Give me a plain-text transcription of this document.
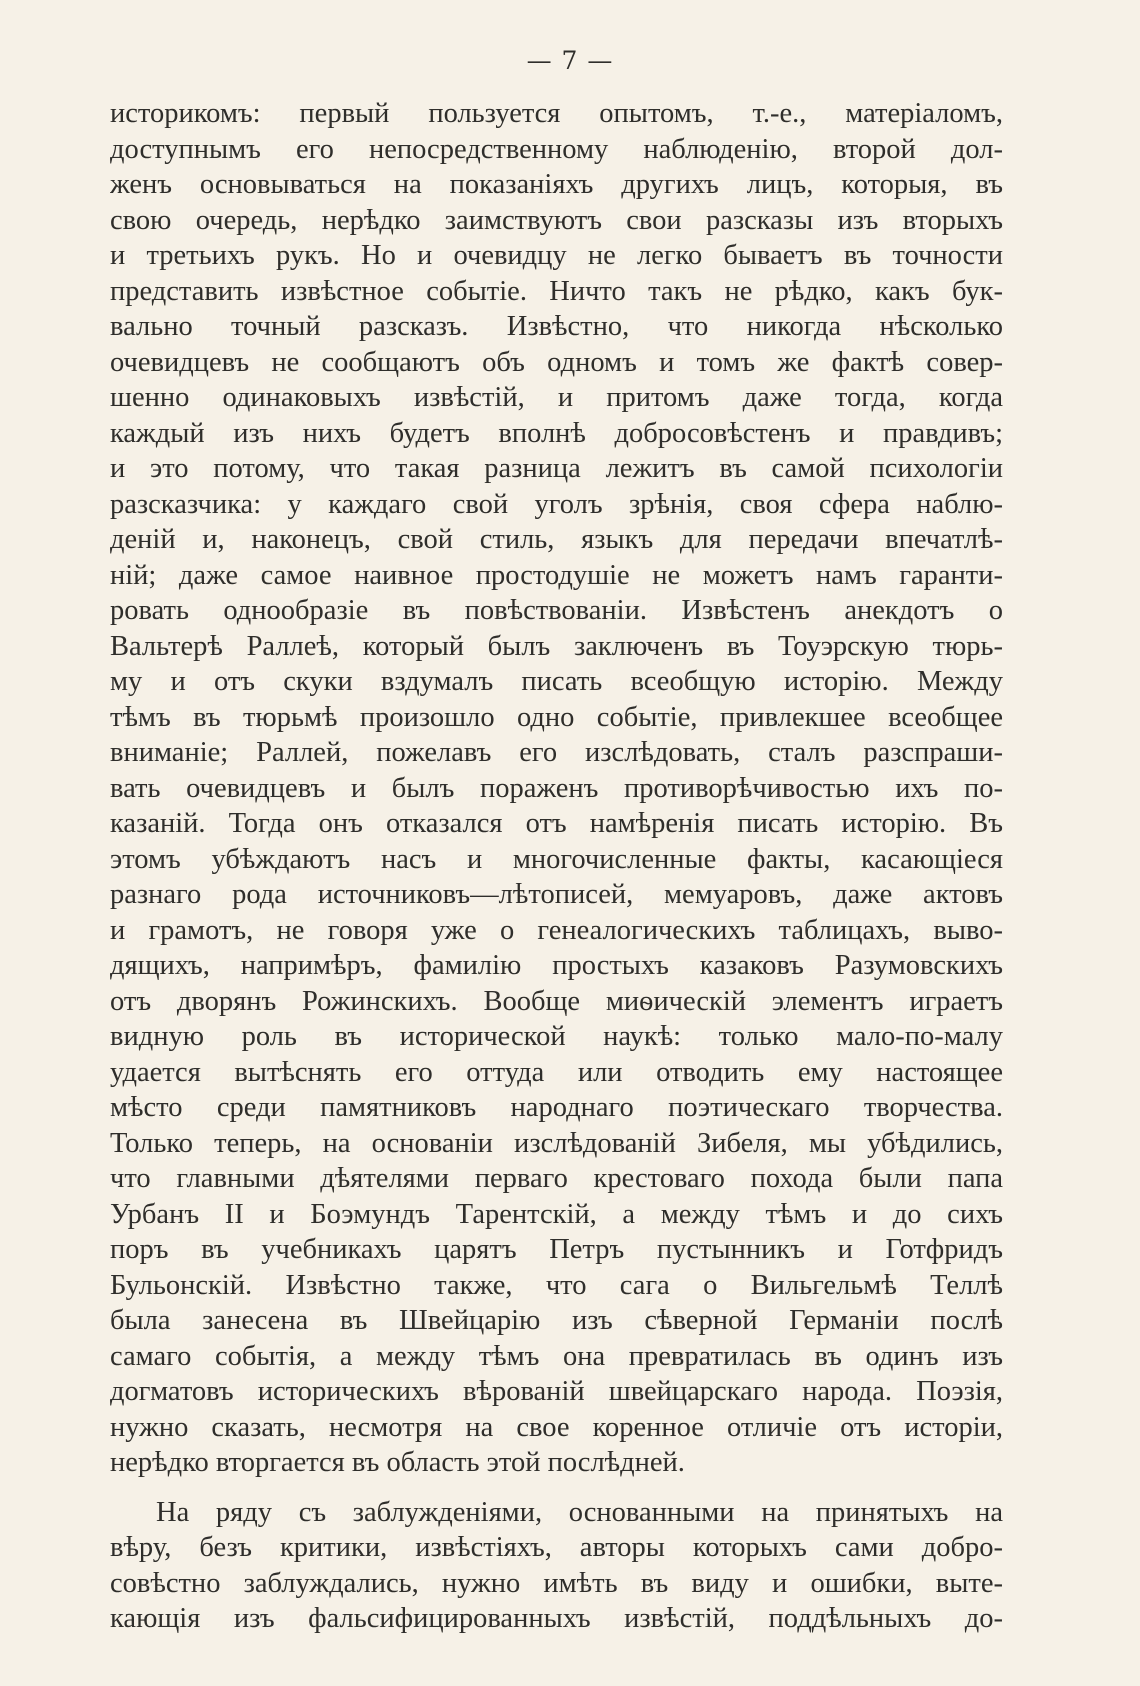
— 7 —
историкомъ: первый пользуется опытомъ, т.-е., матеріаломъ,
доступнымъ его непосредственному наблюденію, второй дол-
женъ основываться на показаніяхъ другихъ лицъ, которыя, въ
свою очередь, нерѣдко заимствуютъ свои разсказы изъ вторыхъ
и третьихъ рукъ. Но и очевидцу не легко бываетъ въ точности
представить извѣстное событіе. Ничто такъ не рѣдко, какъ бук-
вально точный разсказъ. Извѣстно, что никогда нѣсколько
очевидцевъ не сообщаютъ объ одномъ и томъ же фактѣ совер-
шенно одинаковыхъ извѣстій, и притомъ даже тогда, когда
каждый изъ нихъ будетъ вполнѣ добросовѣстенъ и правдивъ;
и это потому, что такая разница лежитъ въ самой психологіи
разсказчика: у каждаго свой уголъ зрѣнія, своя сфера наблю-
деній и, наконецъ, свой стиль, языкъ для передачи впечатлѣ-
ній; даже самое наивное простодушіе не можетъ намъ гаранти-
ровать однообразіе въ повѣствованіи. Извѣстенъ анекдотъ о
Вальтерѣ Раллеѣ, который былъ заключенъ въ Тоуэрскую тюрь-
му и отъ скуки вздумалъ писать всеобщую исторію. Между
тѣмъ въ тюрьмѣ произошло одно событіе, привлекшее всеобщее
вниманіе; Раллей, пожелавъ его изслѣдовать, сталъ разспраши-
вать очевидцевъ и былъ пораженъ противорѣчивостью ихъ по-
казаній. Тогда онъ отказался отъ намѣренія писать исторію. Въ
этомъ убѣждаютъ насъ и многочисленные факты, касающіеся
разнаго рода источниковъ—лѣтописей, мемуаровъ, даже актовъ
и грамотъ, не говоря уже о генеалогическихъ таблицахъ, выво-
дящихъ, напримѣръ, фамилію простыхъ казаковъ Разумовскихъ
отъ дворянъ Рожинскихъ. Вообще миѳическій элементъ играетъ
видную роль въ исторической наукѣ: только мало-по-малу
удается вытѣснять его оттуда или отводить ему настоящее
мѣсто среди памятниковъ народнаго поэтическаго творчества.
Только теперь, на основаніи изслѣдованій Зибеля, мы убѣдились,
что главными дѣятелями перваго крестоваго похода были папа
Урбанъ II и Боэмундъ Тарентскій, а между тѣмъ и до сихъ
поръ въ учебникахъ царятъ Петръ пустынникъ и Готфридъ
Бульонскій. Извѣстно также, что сага о Вильгельмѣ Теллѣ
была занесена въ Швейцарію изъ сѣверной Германіи послѣ
самаго событія, а между тѣмъ она превратилась въ одинъ изъ
догматовъ историческихъ вѣрованій швейцарскаго народа. Поэзія,
нужно сказать, несмотря на свое коренное отличіе отъ исторіи,
нерѣдко вторгается въ область этой послѣдней.
На ряду съ заблужденіями, основанными на принятыхъ на
вѣру, безъ критики, извѣстіяхъ, авторы которыхъ сами добро-
совѣстно заблуждались, нужно имѣть въ виду и ошибки, выте-
кающія изъ фальсифицированныхъ извѣстій, поддѣльныхъ до-
